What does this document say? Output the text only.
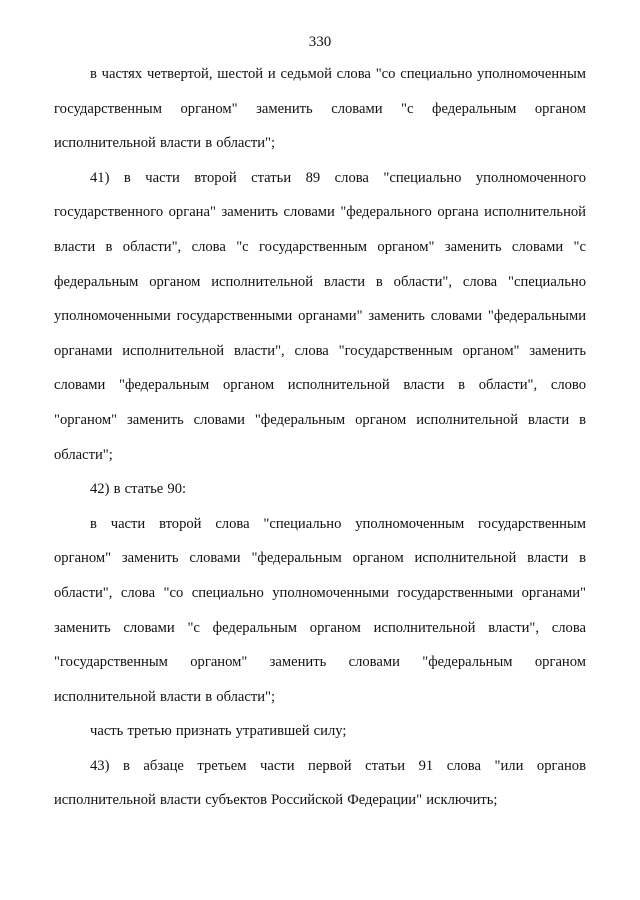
330

в частях четвертой, шестой и седьмой слова "со специально уполномоченным государственным органом" заменить словами "с федеральным органом исполнительной власти в области";

41) в части второй статьи 89 слова "специально уполномоченного государственного органа" заменить словами "федерального органа исполнительной власти в области", слова "с государственным органом" заменить словами "с федеральным органом исполнительной власти в области", слова "специально уполномоченными государственными органами" заменить словами "федеральными органами исполнительной власти", слова "государственным органом" заменить словами "федеральным органом исполнительной власти в области", слово "органом" заменить словами "федеральным органом исполнительной власти в области";

42) в статье 90:

в части второй слова "специально уполномоченным государственным органом" заменить словами "федеральным органом исполнительной власти в области", слова "со специально уполномоченными государственными органами" заменить словами "с федеральным органом исполнительной власти", слова "государственным органом" заменить словами "федеральным органом исполнительной власти в области";

часть третью признать утратившей силу;

43) в абзаце третьем части первой статьи 91 слова "или органов исполнительной власти субъектов Российской Федерации" исключить;
